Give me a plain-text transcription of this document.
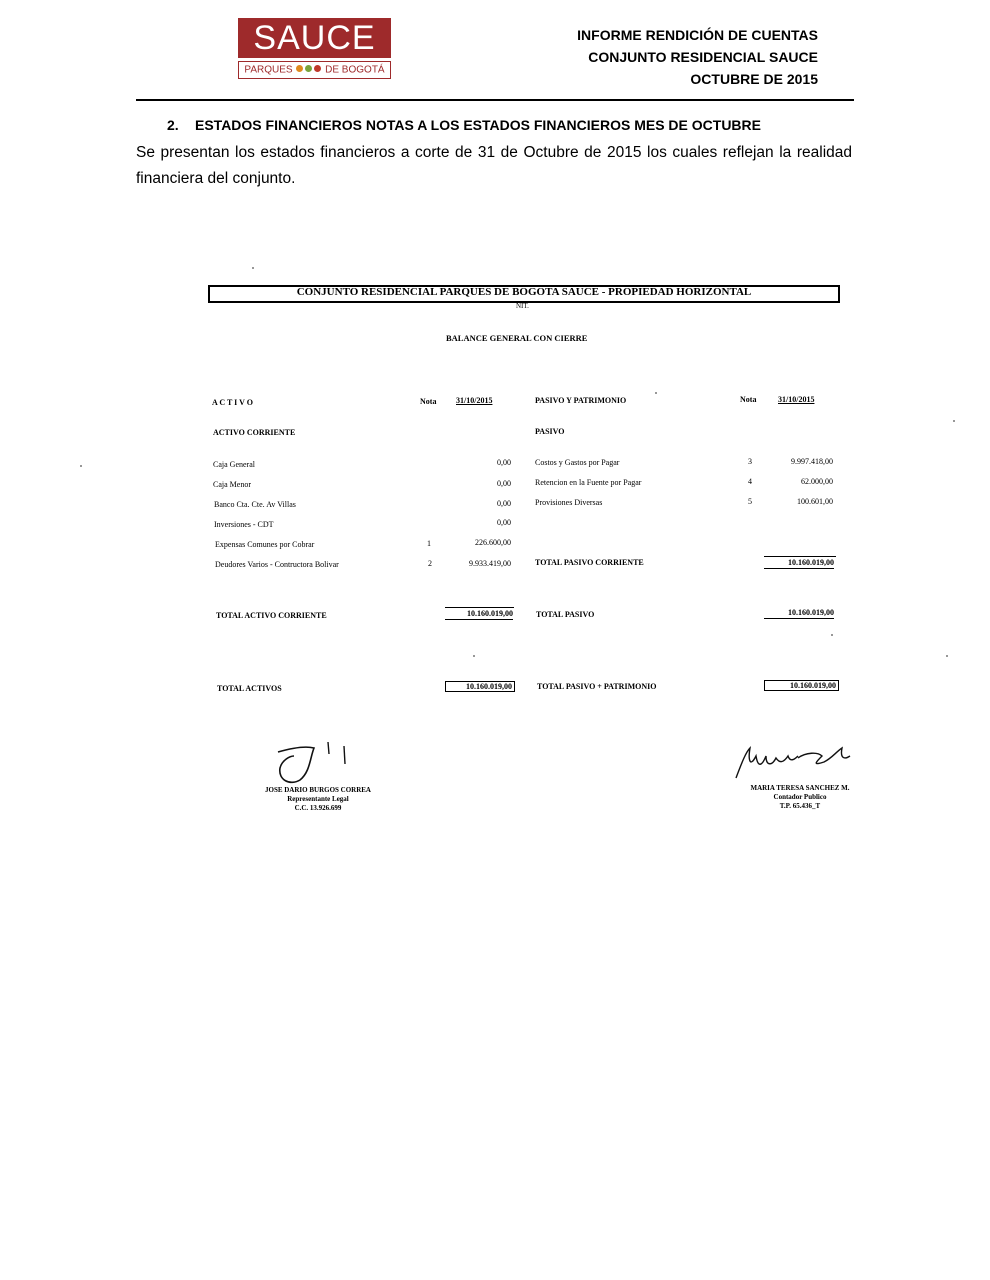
SAUCE
PARQUES	DE BOGOTÁ
INFORME RENDICIÓN DE CUENTAS
CONJUNTO RESIDENCIAL SAUCE
OCTUBRE DE 2015
2. ESTADOS FINANCIEROS NOTAS A LOS ESTADOS FINANCIEROS MES DE OCTUBRE
Se presentan los estados financieros a corte de 31 de Octubre de 2015 los cuales reflejan la realidad financiera del conjunto.
CONJUNTO RESIDENCIAL PARQUES DE BOGOTA SAUCE - PROPIEDAD HORIZONTAL
NIT.
BALANCE GENERAL CON CIERRE
A C T I V O	Nota 31/10/2015
ACTIVO CORRIENTE
Caja General	0,00
Caja Menor	0,00
Banco Cta. Cte. Av Villas	0,00
Inversiones - CDT	0,00
Expensas Comunes por Cobrar	1	226.600,00
Deudores Varios - Contructora Bolivar	2	9.933.419,00
TOTAL ACTIVO CORRIENTE	10.160.019,00
TOTAL ACTIVOS	10.160.019,00
PASIVO Y PATRIMONIO	Nota	31/10/2015
PASIVO
Costos y Gastos por Pagar	3	9.997.418,00
Retencion en la Fuente por Pagar	4	62.000,00
Provisiones Diversas	5	100.601,00
TOTAL PASIVO CORRIENTE	10.160.019,00
TOTAL PASIVO	10.160.019,00
TOTAL PASIVO + PATRIMONIO	10.160.019,00
JOSE DARIO BURGOS CORREA
Representante Legal
C.C. 13.926.699
MARIA TERESA SANCHEZ M.
Contador Publico
T.P. 65.436_T
